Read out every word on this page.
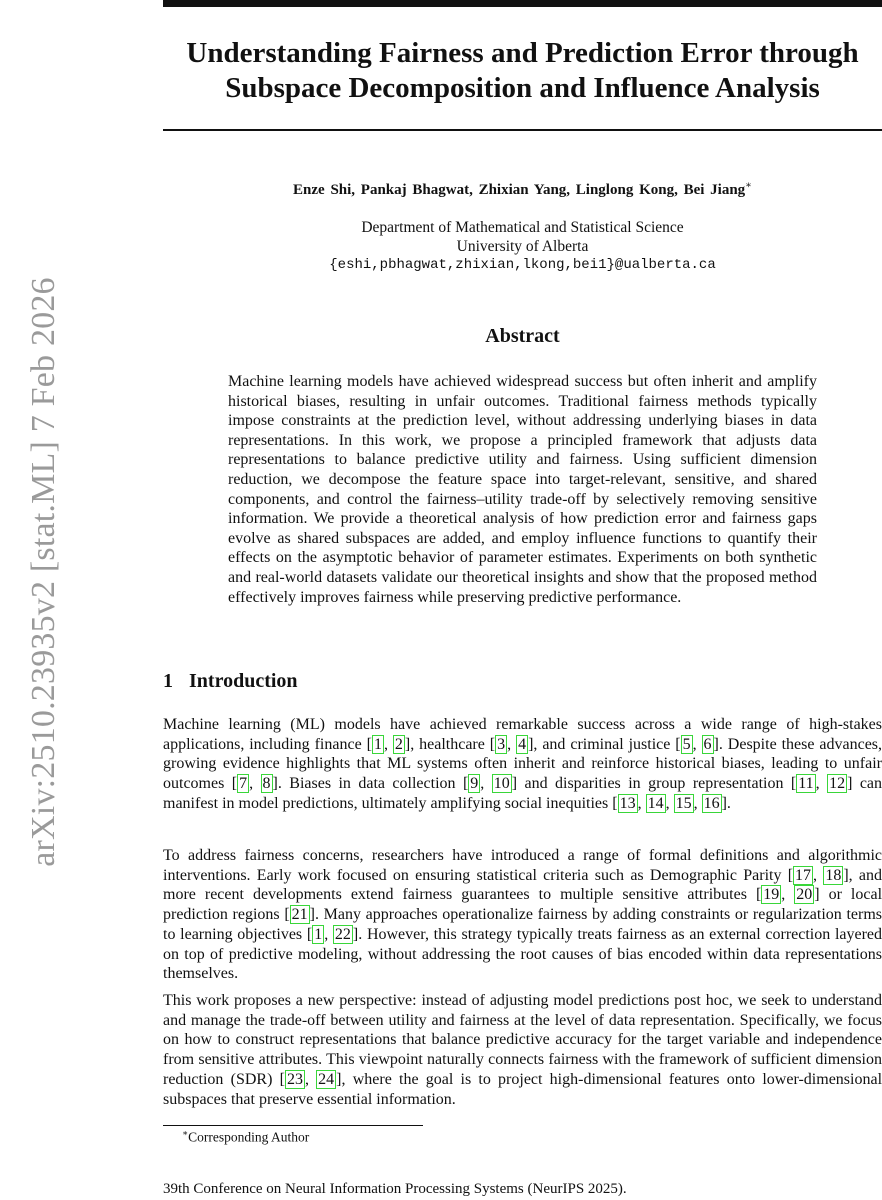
arXiv:2510.23935v2 [stat.ML] 7 Feb 2026
Understanding Fairness and Prediction Error through Subspace Decomposition and Influence Analysis
Enze Shi, Pankaj Bhagwat, Zhixian Yang, Linglong Kong, Bei Jiang∗
Department of Mathematical and Statistical Science
University of Alberta
{eshi,pbhagwat,zhixian,lkong,bei1}@ualberta.ca
Abstract

Machine learning models have achieved widespread success but often inherit and amplify historical biases, resulting in unfair outcomes. Traditional fairness methods typically impose constraints at the prediction level, without addressing underlying biases in data representations. In this work, we propose a principled framework that adjusts data representations to balance predictive utility and fairness. Using sufficient dimension reduction, we decompose the feature space into target-relevant, sensitive, and shared components, and control the fairness–utility trade-off by selectively removing sensitive information. We provide a theoretical analysis of how prediction error and fairness gaps evolve as shared subspaces are added, and employ influence functions to quantify their effects on the asymptotic behavior of parameter estimates. Experiments on both synthetic and real-world datasets validate our theoretical insights and show that the proposed method effectively improves fairness while preserving predictive performance.

1 Introduction

Machine learning (ML) models have achieved remarkable success across a wide range of high-stakes applications, including finance [ 1 , 2 ], healthcare [ 3 , 4 ], and criminal justice [ 5 , 6 ]. Despite these advances, growing evidence highlights that ML systems often inherit and reinforce historical biases, leading to unfair outcomes [ 7 , 8 ]. Biases in data collection [ 9 , 10 ] and disparities in group representation [ 11 , 12 ] can manifest in model predictions, ultimately amplifying social inequities [ 13 , 14 , 15 , 16 ].

To address fairness concerns, researchers have introduced a range of formal definitions and algorithmic interventions. Early work focused on ensuring statistical criteria such as Demographic Parity [ 17 , 18 ], and more recent developments extend fairness guarantees to multiple sensitive attributes [ 19 , 20 ] or local prediction regions [ 21 ]. Many approaches operationalize fairness by adding constraints or regularization terms to learning objectives [ 1 , 22 ]. However, this strategy typically treats fairness as an external correction layered on top of predictive modeling, without addressing the root causes of bias encoded within data representations themselves.

This work proposes a new perspective: instead of adjusting model predictions post hoc, we seek to understand and manage the trade-off between utility and fairness at the level of data representation. Specifically, we focus on how to construct representations that balance predictive accuracy for the target variable and independence from sensitive attributes. This viewpoint naturally connects fairness with the framework of sufficient dimension reduction (SDR) [ 23 , 24 ], where the goal is to project high-dimensional features onto lower-dimensional subspaces that preserve essential information.

∗Corresponding Author
39th Conference on Neural Information Processing Systems (NeurIPS 2025).
